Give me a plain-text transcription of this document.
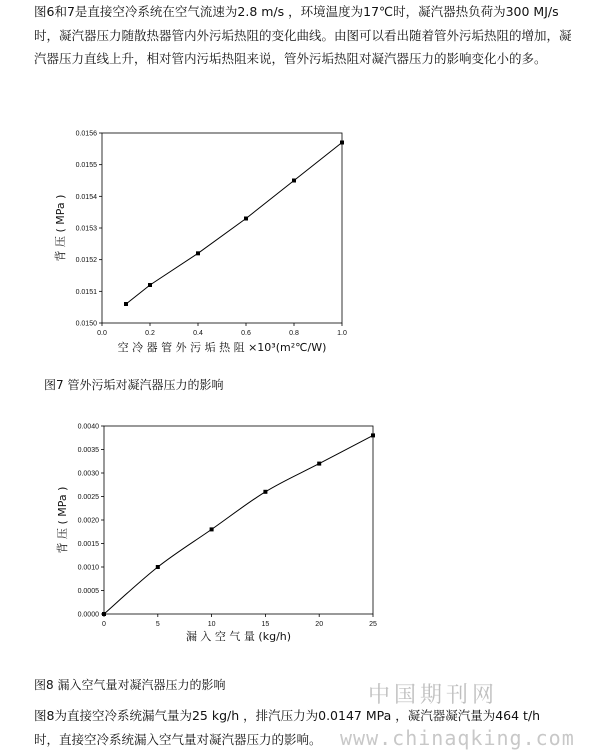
图6和7是直接空冷系统在空气流速为2.8 m/s ，环境温度为17℃时，凝汽器热负荷为300 MJ/s 时，凝汽器压力随散热器管内外污垢热阻的变化曲线。由图可以看出随着管外污垢热阻的增加，凝汽器压力直线上升，相对管内污垢热阻来说，管外污垢热阻对凝汽器压力的影响变化小的多。
0.0	0.2	0.4	0.6	0.8	1.0
0.0150
0.0151
0.0152
0.0153
0.0154
0.0155
0.0156
空 冷 器 管 外 污 垢 热 阻 ×10³(m²℃/W)
背 压 ( MPa )
0	5	10	15	20	25
0.0000
0.0005
0.0010
0.0015
0.0020
0.0025
0.0030
0.0035
0.0040
漏 入 空 气 量 (kg/h)
背 压 ( MPa )
图7 管外污垢对凝汽器压力的影响
图8 漏入空气量对凝汽器压力的影响
图8为直接空冷系统漏气量为25 kg/h ，排汽压力为0.0147 MPa ，凝汽器凝汽量为464 t/h 时，直接空冷系统漏入空气量对凝汽器压力的影响。
中国期刊网
www.chinaqking.com
